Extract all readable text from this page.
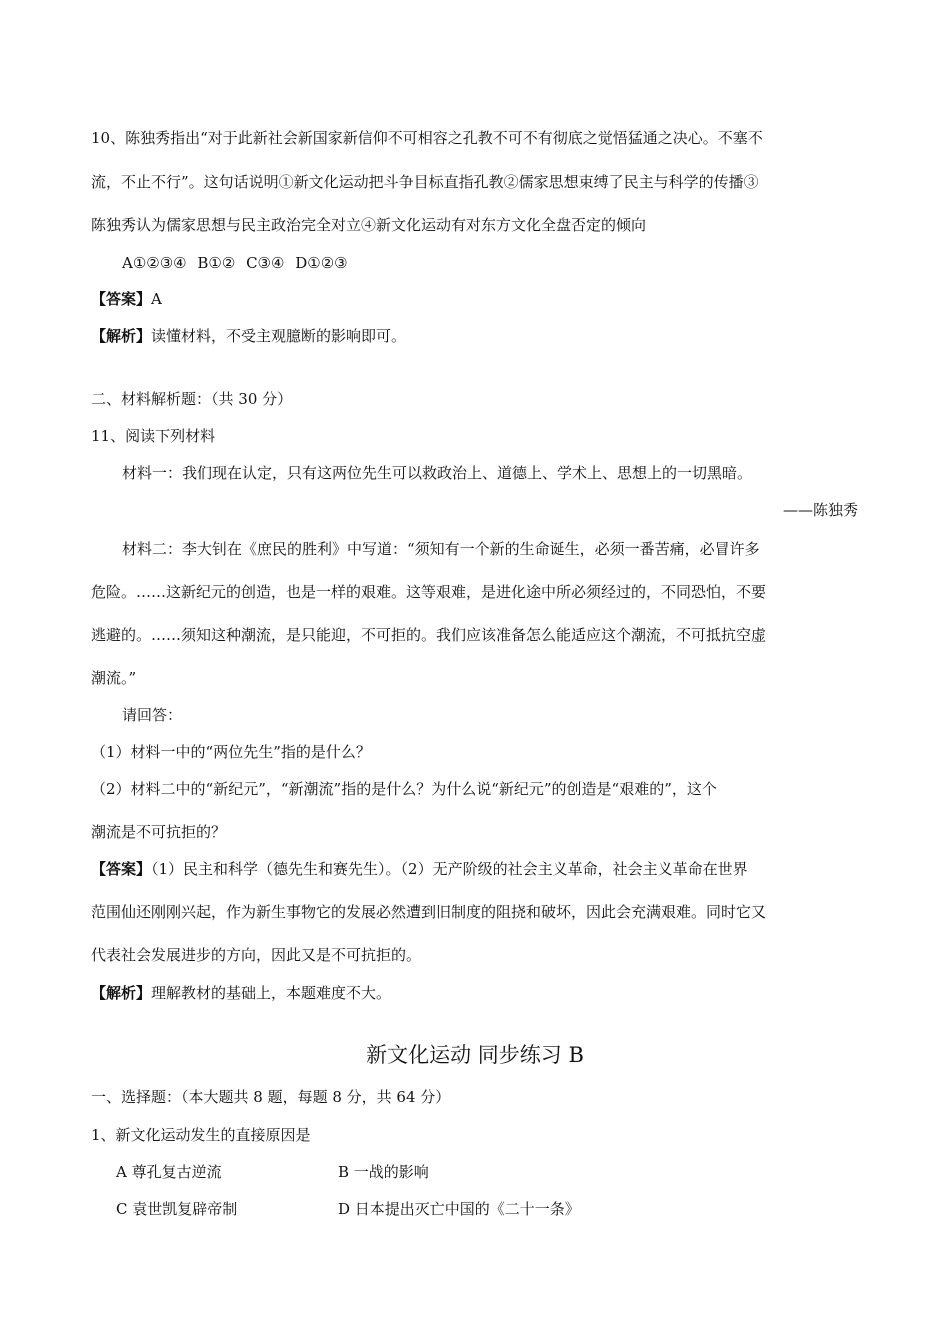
10、陈独秀指出“对于此新社会新国家新信仰不可相容之孔教不可不有彻底之觉悟猛通之决心。不塞不
流，不止不行”。这句话说明①新文化运动把斗争目标直指孔教②儒家思想束缚了民主与科学的传播③
陈独秀认为儒家思想与民主政治完全对立④新文化运动有对东方文化全盘否定的倾向
A①②③④ B①② C③④ D①②③
【答案】A
【解析】读懂材料，不受主观臆断的影响即可。
二、材料解析题：（共 30 分）
11、阅读下列材料
材料一：我们现在认定，只有这两位先生可以救政治上、道德上、学术上、思想上的一切黑暗。
——陈独秀
材料二：李大钊在《庶民的胜利》中写道：“须知有一个新的生命诞生，必须一番苦痛，必冒许多
危险。……这新纪元的创造，也是一样的艰难。这等艰难，是进化途中所必须经过的，不同恐怕，不要
逃避的。……须知这种潮流，是只能迎，不可拒的。我们应该准备怎么能适应这个潮流，不可抵抗空虚
潮流。”
请回答：
（1）材料一中的“两位先生”指的是什么？
（2）材料二中的“新纪元”，“新潮流”指的是什么？为什么说“新纪元”的创造是“艰难的”，这个
潮流是不可抗拒的？
【答案】（1）民主和科学（德先生和赛先生）。（2）无产阶级的社会主义革命，社会主义革命在世界
范围仙还刚刚兴起，作为新生事物它的发展必然遭到旧制度的阻挠和破坏，因此会充满艰难。同时它又
代表社会发展进步的方向，因此又是不可抗拒的。
【解析】理解教材的基础上，本题难度不大。
新文化运动 同步练习 B
一、选择题：（本大题共 8 题，每题 8 分，共 64 分）
1、新文化运动发生的直接原因是
A 尊孔复古逆流	B 一战的影响
C 袁世凯复辟帝制	D 日本提出灭亡中国的《二十一条》
